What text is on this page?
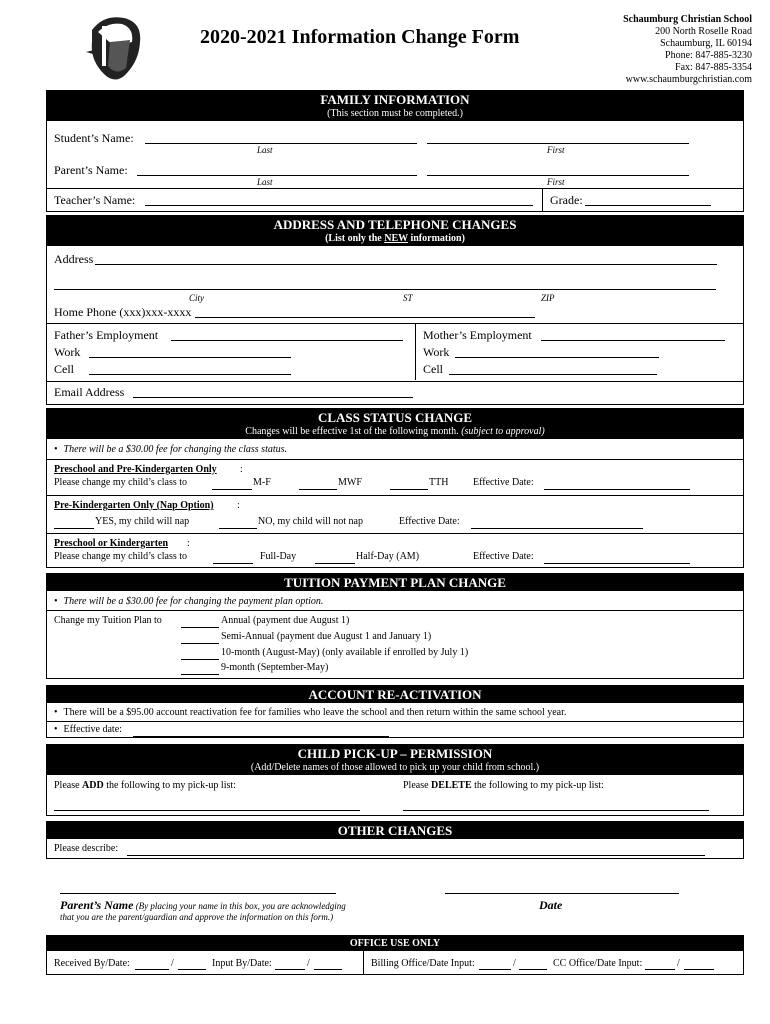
2020-2021 Information Change Form
Schaumburg Christian School
200 North Roselle Road
Schaumburg, IL 60194
Phone: 847-885-3230
Fax: 847-885-3354
www.schaumburgchristian.com
FAMILY INFORMATION
(This section must be completed.)
Student’s Name:
Last	First
Parent’s Name:
Last	First
Teacher’s Name:	Grade:
ADDRESS AND TELEPHONE CHANGES
(List only the NEW information)
Address
City	ST	ZIP
Home Phone (xxx)xxx-xxxx
Father’s Employment
Work
Cell
Mother’s Employment
Work
Cell
Email Address
CLASS STATUS CHANGE
Changes will be effective 1st of the following month. (subject to approval)
• There will be a $30.00 fee for changing the class status.
Preschool and Pre-Kindergarten Only :
Please change my child’s class to	M-F	MWF	TTH Effective Date:
Pre-Kindergarten Only (Nap Option) :
YES, my child will nap	NO, my child will not nap	Effective Date:
Preschool or Kindergarten :
Please change my child’s class to	Full-Day	Half-Day (AM)	Effective Date:
TUITION PAYMENT PLAN CHANGE
• There will be a $30.00 fee for changing the payment plan option.
Change my Tuition Plan to	Annual (payment due August 1)
Semi-Annual (payment due August 1 and January 1)
10-month (August-May) (only available if enrolled by July 1)
9-month (September-May)
ACCOUNT RE-ACTIVATION
• There will be a $95.00 account reactivation fee for families who leave the school and then return within the same school year.
• Effective date:
CHILD PICK-UP – PERMISSION
(Add/Delete names of those allowed to pick up your child from school.)
Please ADD the following to my pick-up list:	Please DELETE the following to my pick-up list:
OTHER CHANGES
Please describe:
Parent’s Name (By placing your name in this box, you are acknowledging
that you are the parent/guardian and approve the information on this form.)
Date
OFFICE USE ONLY
Received By/Date:	/	Input By/Date:	/	Billing Office/Date Input:	/	CC Office/Date Input:	/
